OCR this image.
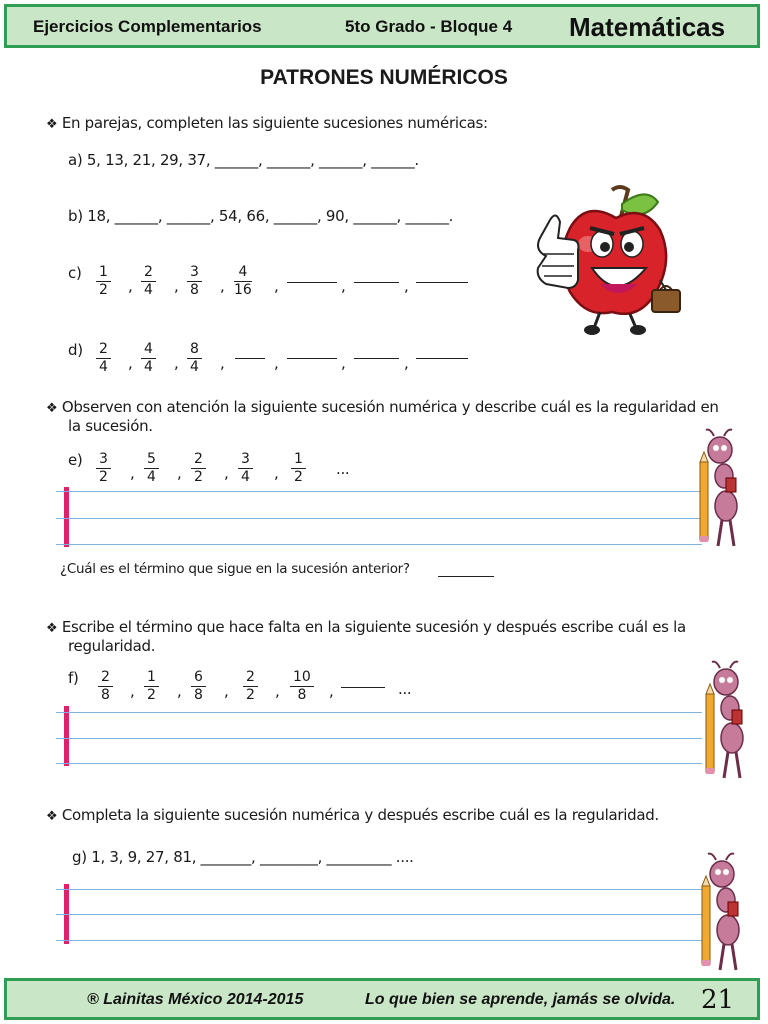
Ejercicios Complementarios	5to Grado - Bloque 4 Matemáticas
PATRONES NUMÉRICOS
❖ En parejas, completen las siguiente sucesiones numéricas:
a) 5, 13, 21, 29, 37, ______, ______, ______, ______.
b) 18, ______, ______, 54, 66, ______, 90, ______, ______.
$c) \frac{1}{2}$ , $\frac{2}{4}$ , $\frac{3}{8}$ , $\frac{4}{16}$ ,	,	,
$d) \frac{2}{4}$ , $\frac{4}{4}$ , $\frac{8}{4}$ ,	,	,	,
❖ Observen con atención la siguiente sucesión numérica y describe cuál es la regularidad en
la sucesión.
$e) \frac{3}{2}$ , $\frac{5}{4}$ , $\frac{2}{2}$ , $\frac{3}{4}$ , $\frac{1}{2}$ ...
¿Cuál es el término que sigue en la sucesión anterior?
❖ Escribe el término que hace falta en la siguiente sucesión y después escribe cuál es la
regularidad.
$f) \frac{2}{8}$ , $\frac{1}{2}$ , $\frac{6}{8}$ , $\frac{2}{2}$ , $\frac{10}{8}$ ,	...
❖ Completa la siguiente sucesión numérica y después escribe cuál es la regularidad.
g) 1, 3, 9, 27, 81, _______, ________, _________ ....
® Lainitas México 2014-2015	Lo que bien se aprende, jamás se olvida. 21
